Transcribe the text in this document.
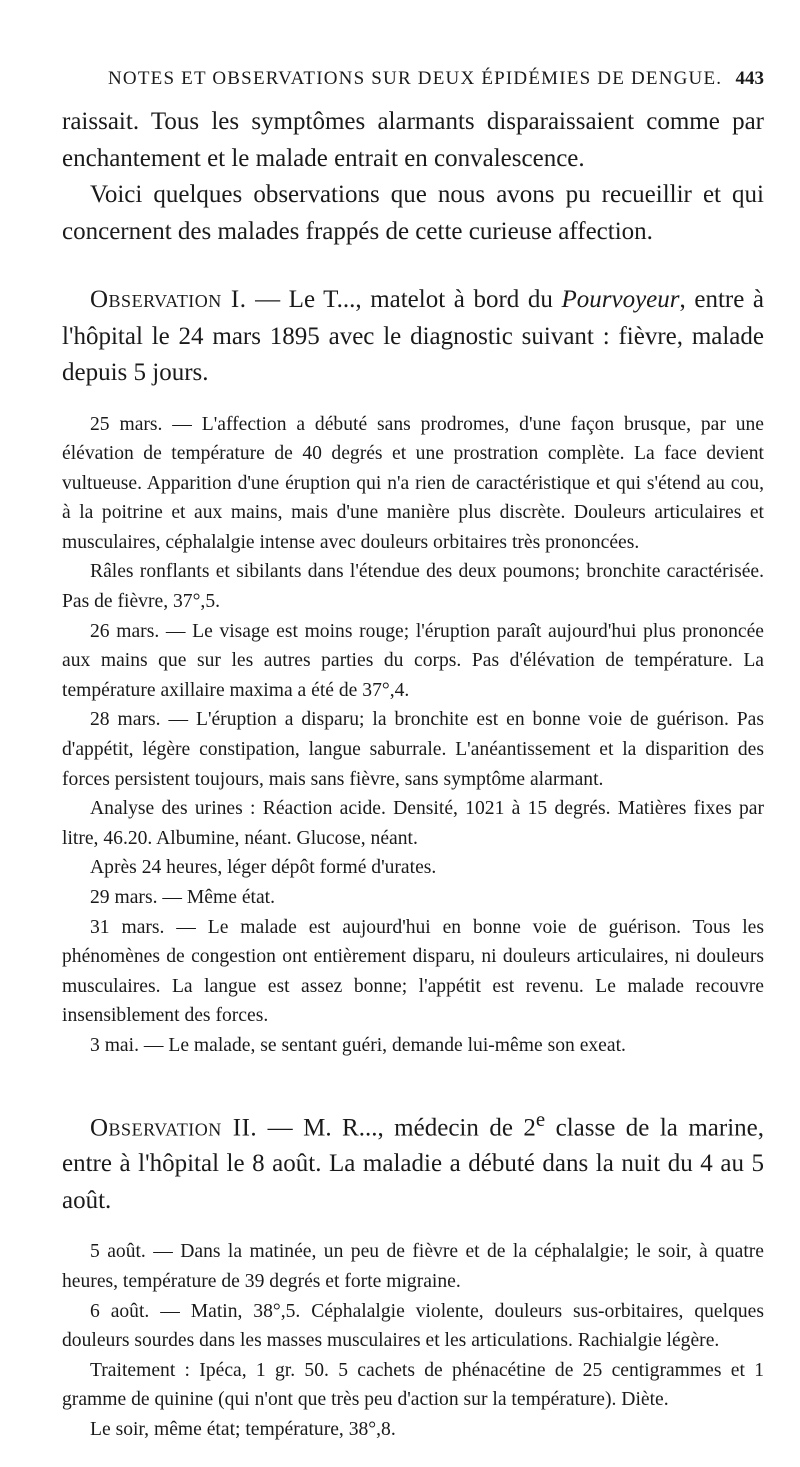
NOTES ET OBSERVATIONS SUR DEUX ÉPIDÉMIES DE DENGUE. 443

raissait. Tous les symptômes alarmants disparaissaient comme par enchantement et le malade entrait en convalescence.

Voici quelques observations que nous avons pu recueillir et qui concernent des malades frappés de cette curieuse affection.

Observation I. — Le T..., matelot à bord du Pourvoyeur, entre à l'hôpital le 24 mars 1895 avec le diagnostic suivant : fièvre, malade depuis 5 jours.

25 mars. — L'affection a débuté sans prodromes, d'une façon brusque, par une élévation de température de 40 degrés et une prostration complète. La face devient vultueuse. Apparition d'une éruption qui n'a rien de caractéristique et qui s'étend au cou, à la poitrine et aux mains, mais d'une manière plus discrète. Douleurs articulaires et musculaires, céphalalgie intense avec douleurs orbitaires très prononcées.

Râles ronflants et sibilants dans l'étendue des deux poumons; bronchite caractérisée. Pas de fièvre, 37°,5.

26 mars. — Le visage est moins rouge; l'éruption paraît aujourd'hui plus prononcée aux mains que sur les autres parties du corps. Pas d'élévation de température. La température axillaire maxima a été de 37°,4.

28 mars. — L'éruption a disparu; la bronchite est en bonne voie de guérison. Pas d'appétit, légère constipation, langue saburrale. L'anéantissement et la disparition des forces persistent toujours, mais sans fièvre, sans symptôme alarmant.

Analyse des urines : Réaction acide. Densité, 1021 à 15 degrés. Matières fixes par litre, 46.20. Albumine, néant. Glucose, néant.

Après 24 heures, léger dépôt formé d'urates.

29 mars. — Même état.

31 mars. — Le malade est aujourd'hui en bonne voie de guérison. Tous les phénomènes de congestion ont entièrement disparu, ni douleurs articulaires, ni douleurs musculaires. La langue est assez bonne; l'appétit est revenu. Le malade recouvre insensiblement des forces.

3 mai. — Le malade, se sentant guéri, demande lui-même son exeat.

Observation II. — M. R..., médecin de 2e classe de la marine, entre à l'hôpital le 8 août. La maladie a débuté dans la nuit du 4 au 5 août.

5 août. — Dans la matinée, un peu de fièvre et de la céphalalgie; le soir, à quatre heures, température de 39 degrés et forte migraine.

6 août. — Matin, 38°,5. Céphalalgie violente, douleurs sus-orbitaires, quelques douleurs sourdes dans les masses musculaires et les articulations. Rachialgie légère.

Traitement : Ipéca, 1 gr. 50. 5 cachets de phénacétine de 25 centigrammes et 1 gramme de quinine (qui n'ont que très peu d'action sur la température). Diète.

Le soir, même état; température, 38°,8.
